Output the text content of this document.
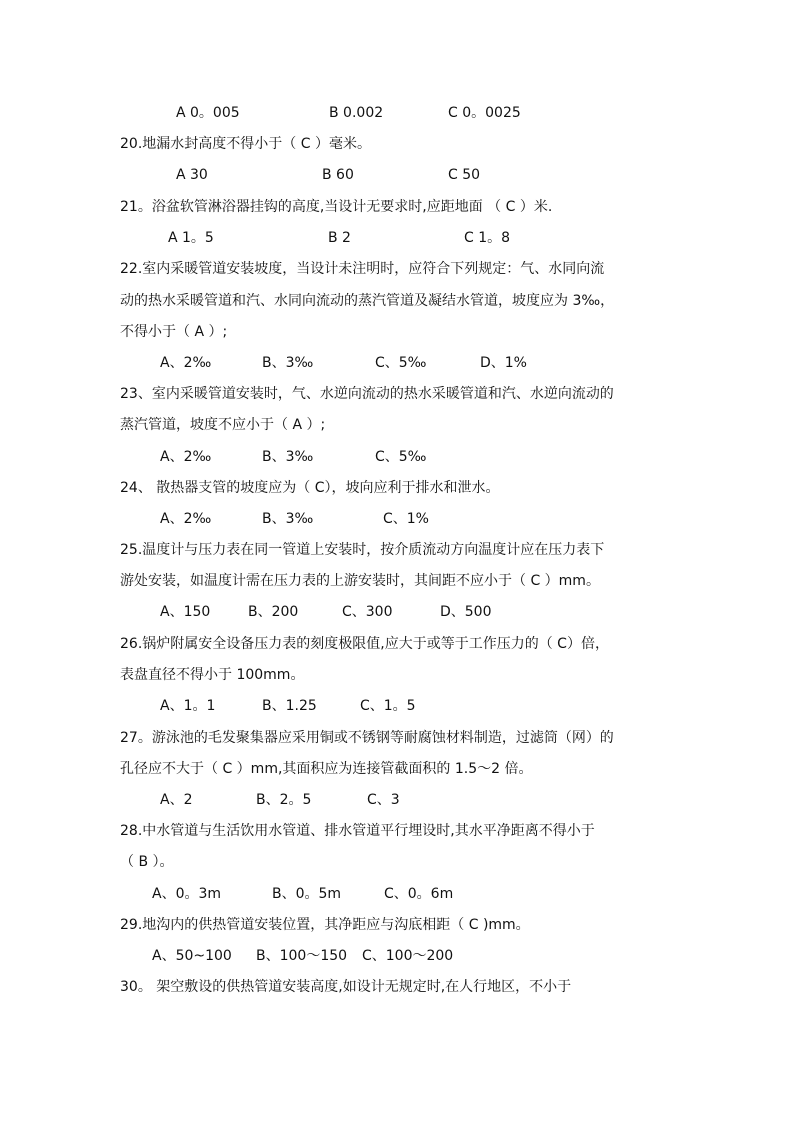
A 0。005	B 0.002	C 0。0025
20.地漏水封高度不得小于（ C ）毫米。
A 30	B 60	C 50
21。浴盆软管淋浴器挂钩的高度,当设计无要求时,应距地面 （ C ）米.
A 1。5	B 2	C 1。8
22.室内采暖管道安装坡度，当设计未注明时，应符合下列规定：气、水同向流
动的热水采暖管道和汽、水同向流动的蒸汽管道及凝结水管道，坡度应为 3‰，
不得小于（ A ）;
A、2‰	B、3‰	C、5‰	D、1%
23、室内采暖管道安装时，气、水逆向流动的热水采暖管道和汽、水逆向流动的
蒸汽管道，坡度不应小于（ A ）;
A、2‰	B、3‰	C、5‰
24、 散热器支管的坡度应为（ C），坡向应利于排水和泄水。
A、2‰	B、3‰	C、1%
25.温度计与压力表在同一管道上安装时，按介质流动方向温度计应在压力表下
游处安装，如温度计需在压力表的上游安装时，其间距不应小于（ C ）mm。
A、150	B、200	C、300	D、500
26.锅炉附属安全设备压力表的刻度极限值,应大于或等于工作压力的（ C）倍，
表盘直径不得小于 100mm。
A、1。1	B、1.25	C、1。5
27。游泳池的毛发聚集器应采用铜或不锈钢等耐腐蚀材料制造，过滤筒（网）的
孔径应不大于（ C ）mm,其面积应为连接管截面积的 1.5～2 倍。
A、2	B、2。5	C、3
28.中水管道与生活饮用水管道、排水管道平行埋设时,其水平净距离不得小于
（ B ）。
A、0。3m	B、0。5m	C、0。6m
29.地沟内的供热管道安装位置，其净距应与沟底相距（ C )mm。
A、50~100 B、100～150 C、100～200
30。 架空敷设的供热管道安装高度,如设计无规定时,在人行地区，不小于
